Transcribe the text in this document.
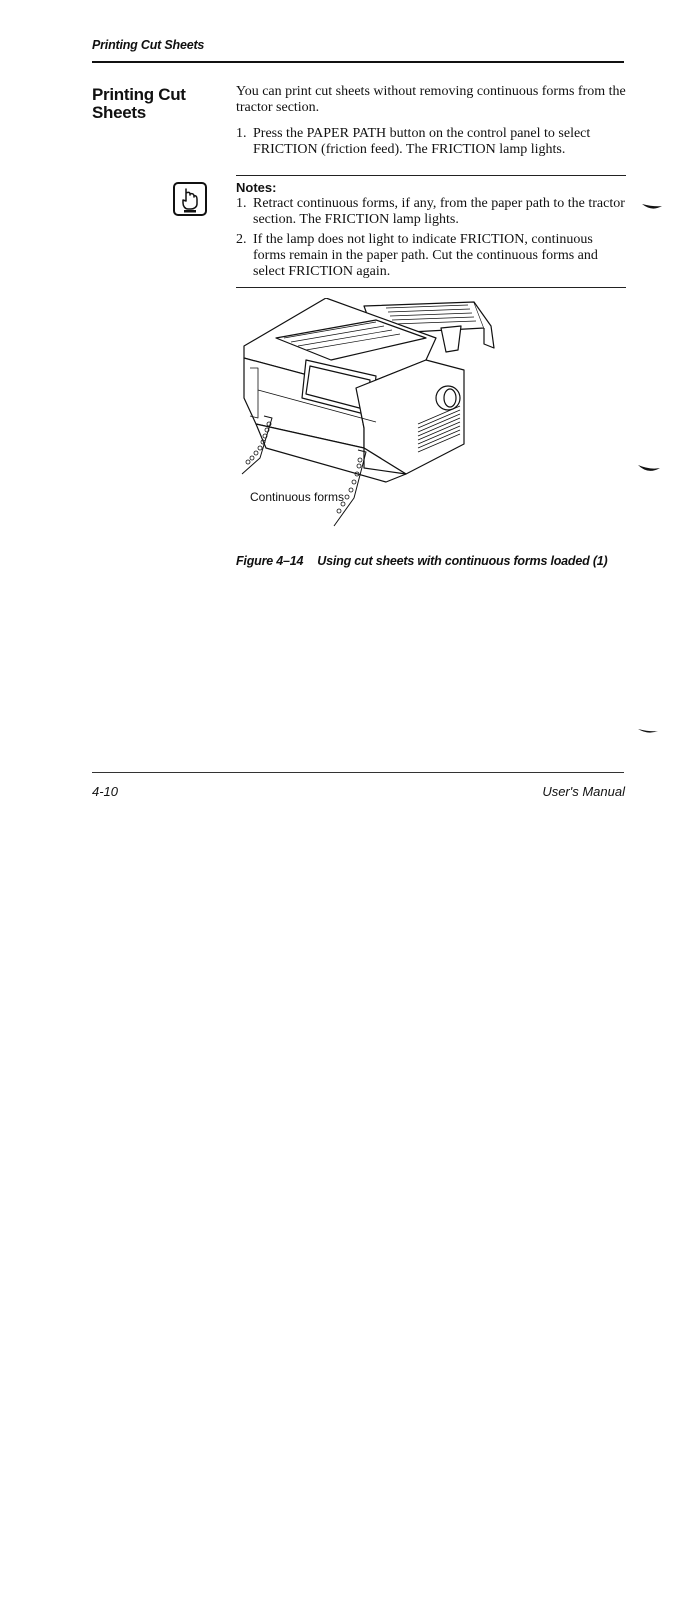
Printing Cut Sheets
Printing Cut Sheets
You can print cut sheets without removing continuous forms from the tractor section.
1. Press the PAPER PATH button on the control panel to select FRICTION (friction feed). The FRICTION lamp lights.
Notes:
1. Retract continuous forms, if any, from the paper path to the tractor section. The FRICTION lamp lights.
2. If the lamp does not light to indicate FRICTION, continuous forms remain in the paper path. Cut the continuous forms and select FRICTION again.
Continuous forms
Figure 4–14 Using cut sheets with continuous forms loaded (1)
4-10	User's Manual
